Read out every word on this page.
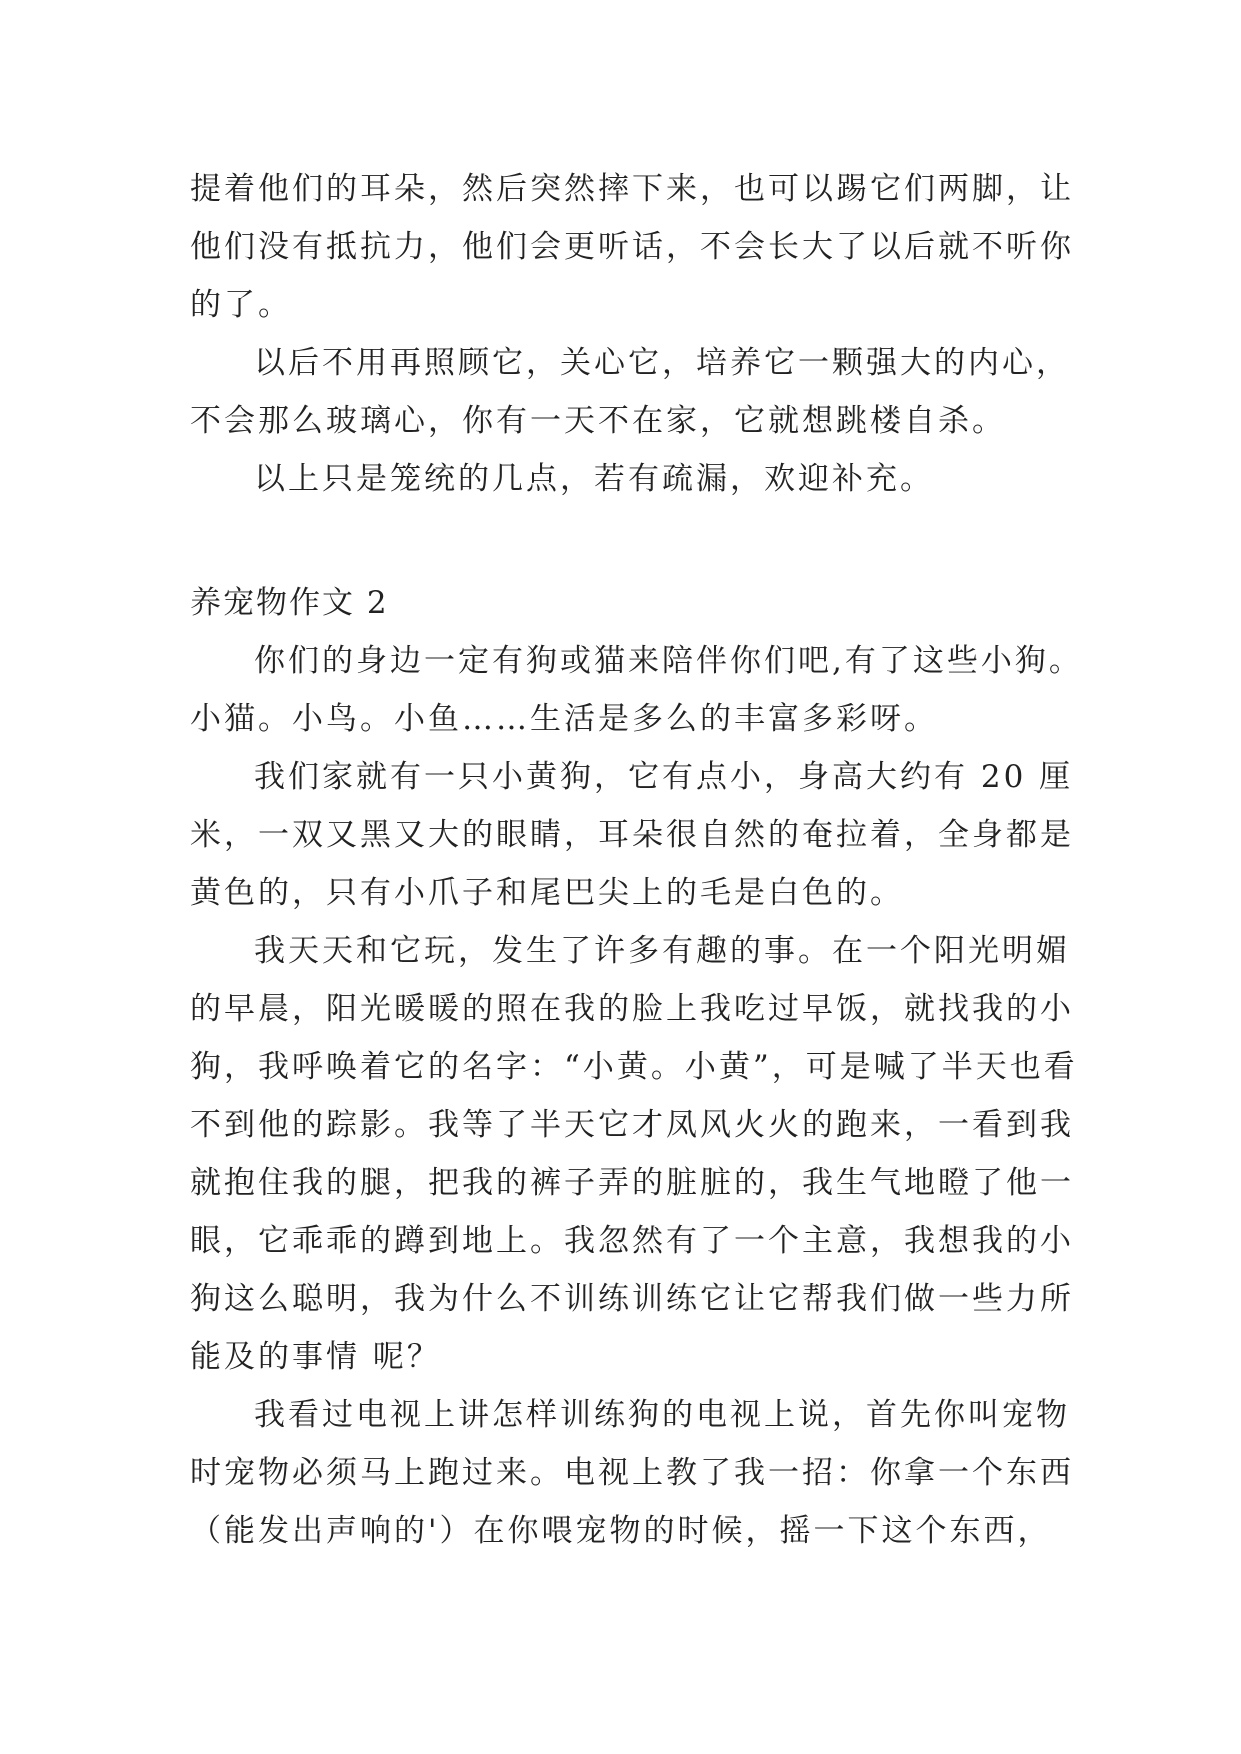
提着他们的耳朵，然后突然摔下来，也可以踢它们两脚，让
他们没有抵抗力，他们会更听话，不会长大了以后就不听你
的了。
以后不用再照顾它，关心它，培养它一颗强大的内心，
不会那么玻璃心，你有一天不在家，它就想跳楼自杀。
以上只是笼统的几点，若有疏漏，欢迎补充。
养宠物作文 2
你们的身边一定有狗或猫来陪伴你们吧,有了这些小狗。
小猫。小鸟。小鱼……生活是多么的丰富多彩呀。
我们家就有一只小黄狗，它有点小，身高大约有 20 厘
米，一双又黑又大的眼睛，耳朵很自然的奄拉着，全身都是
黄色的，只有小爪子和尾巴尖上的毛是白色的。
我天天和它玩，发生了许多有趣的事。在一个阳光明媚
的早晨，阳光暖暖的照在我的脸上我吃过早饭，就找我的小
狗，我呼唤着它的名字：“小黄。小黄”，可是喊了半天也看
不到他的踪影。我等了半天它才凤风火火的跑来，一看到我
就抱住我的腿，把我的裤子弄的脏脏的，我生气地瞪了他一
眼，它乖乖的蹲到地上。我忽然有了一个主意，我想我的小
狗这么聪明，我为什么不训练训练它让它帮我们做一些力所
能及的事情 呢？
我看过电视上讲怎样训练狗的电视上说，首先你叫宠物
时宠物必须马上跑过来。电视上教了我一招：你拿一个东西
（能发出声响的'）在你喂宠物的时候，摇一下这个东西，
